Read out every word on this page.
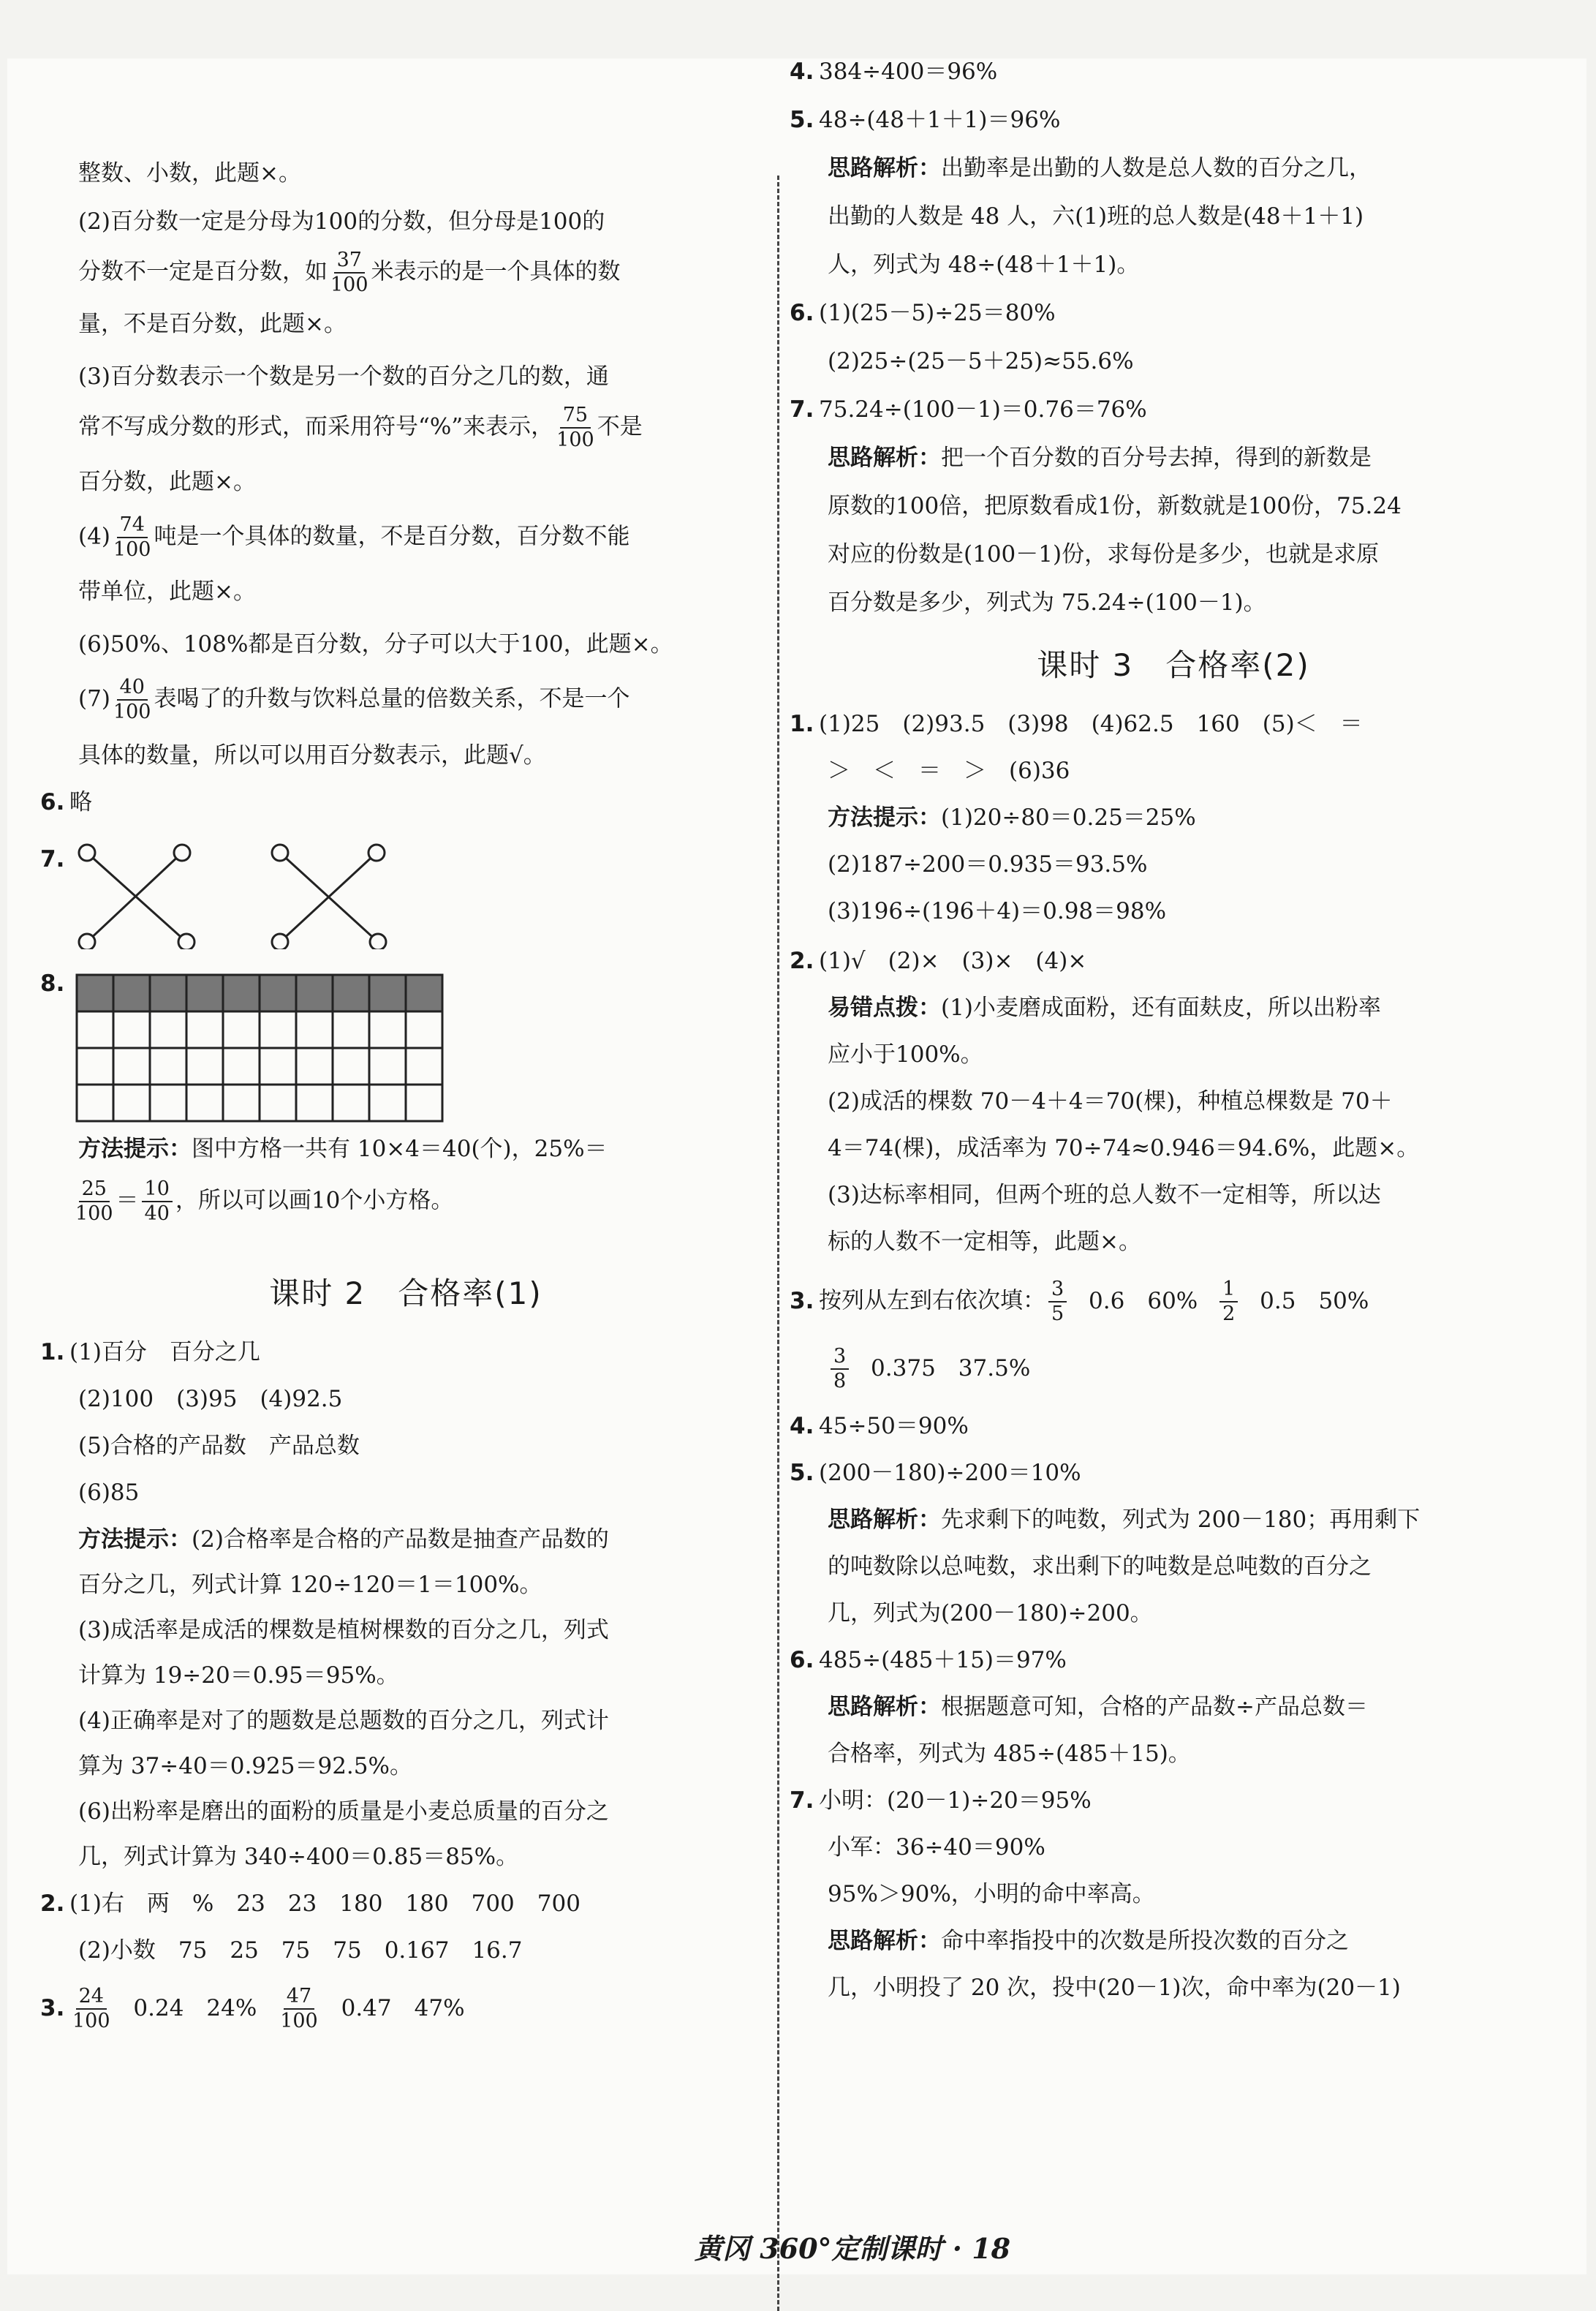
整数、小数，此题×。
(2)百分数一定是分母为100的分数，但分母是100的
分数不一定是百分数，如 $\frac{37}{100}$ 米表示的是一个具体的数
量，不是百分数，此题×。
(3)百分数表示一个数是另一个数的百分之几的数，通
常不写成分数的形式，而采用符号“%”来表示， $\frac{75}{100}$ 不是
百分数，此题×。
$(4) \frac{74}{100}$ 吨是一个具体的数量，不是百分数，百分数不能
带单位，此题×。
(6)50%、108%都是百分数，分子可以大于100，此题×。
$(7) \frac{40}{100}$ 表喝了的升数与饮料总量的倍数关系，不是一个
具体的数量，所以可以用百分数表示，此题√。
6. 略
7.
8.
方法提示：图中方格一共有 10×4＝40(个)，25%＝
$\frac{25}{100} = \frac{10}{40}$ ，所以可以画10个小方格。
课时 2　合格率(1)
1. (1)百分　百分之几
(2)100　(3)95　(4)92.5
(5)合格的产品数　产品总数
(6)85
方法提示：(2)合格率是合格的产品数是抽查产品数的
百分之几，列式计算 120÷120＝1＝100%。
(3)成活率是成活的棵数是植树棵数的百分之几，列式
计算为 19÷20＝0.95＝95%。
(4)正确率是对了的题数是总题数的百分之几，列式计
算为 37÷40＝0.925＝92.5%。
(6)出粉率是磨出的面粉的质量是小麦总质量的百分之
几，列式计算为 340÷400＝0.85＝85%。
2. (1)右　两　%　23　23　180　180　700　700
(2)小数　75　25　75　75　0.167　16.7
3. $\frac{24}{100} 0.24$　$24\% \frac{47}{100} 0.47$　47%
4. 384÷400＝96%
5. 48÷(48＋1＋1)＝96%
思路解析：出勤率是出勤的人数是总人数的百分之几，
出勤的人数是 48 人，六(1)班的总人数是(48＋1＋1)
人，列式为 48÷(48＋1＋1)。
6. (1)(25－5)÷25＝80%
(2)25÷(25－5＋25)≈55.6%
7. 75.24÷(100－1)＝0.76＝76%
思路解析：把一个百分数的百分号去掉，得到的新数是
原数的100倍，把原数看成1份，新数就是100份，75.24
对应的份数是(100－1)份，求每份是多少，也就是求原
百分数是多少，列式为 75.24÷(100－1)。
课时 3　合格率(2)
1. (1)25　(2)93.5　(3)98　(4)62.5　160　(5)＜　＝
＞　＜　＝　＞　(6)36
方法提示：(1)20÷80＝0.25＝25%
(2)187÷200＝0.935＝93.5%
(3)196÷(196＋4)＝0.98＝98%
2. (1)√　(2)×　(3)×　(4)×
易错点拨：(1)小麦磨成面粉，还有面麸皮，所以出粉率
应小于100%。
(2)成活的棵数 70－4＋4＝70(棵)，种植总棵数是 70＋
4＝74(棵)，成活率为 70÷74≈0.946＝94.6%，此题×。
(3)达标率相同，但两个班的总人数不一定相等，所以达
标的人数不一定相等，此题×。
3. 按列从左到右依次填： $\frac{3}{5} 0.6$　$60\% \frac{1}{2} 0.5$　50%
$\frac{3}{8} 0.375$　37.5%
4. 45÷50＝90%
5. (200－180)÷200＝10%
思路解析：先求剩下的吨数，列式为 200－180；再用剩下
的吨数除以总吨数，求出剩下的吨数是总吨数的百分之
几，列式为(200－180)÷200。
6. 485÷(485＋15)＝97%
思路解析：根据题意可知，合格的产品数÷产品总数＝
合格率，列式为 485÷(485＋15)。
7. 小明：(20－1)÷20＝95%
小军：36÷40＝90%
95%＞90%，小明的命中率高。
思路解析：命中率指投中的次数是所投次数的百分之
几，小明投了 20 次，投中(20－1)次，命中率为(20－1)
黄冈 360°定制课时 · 18
